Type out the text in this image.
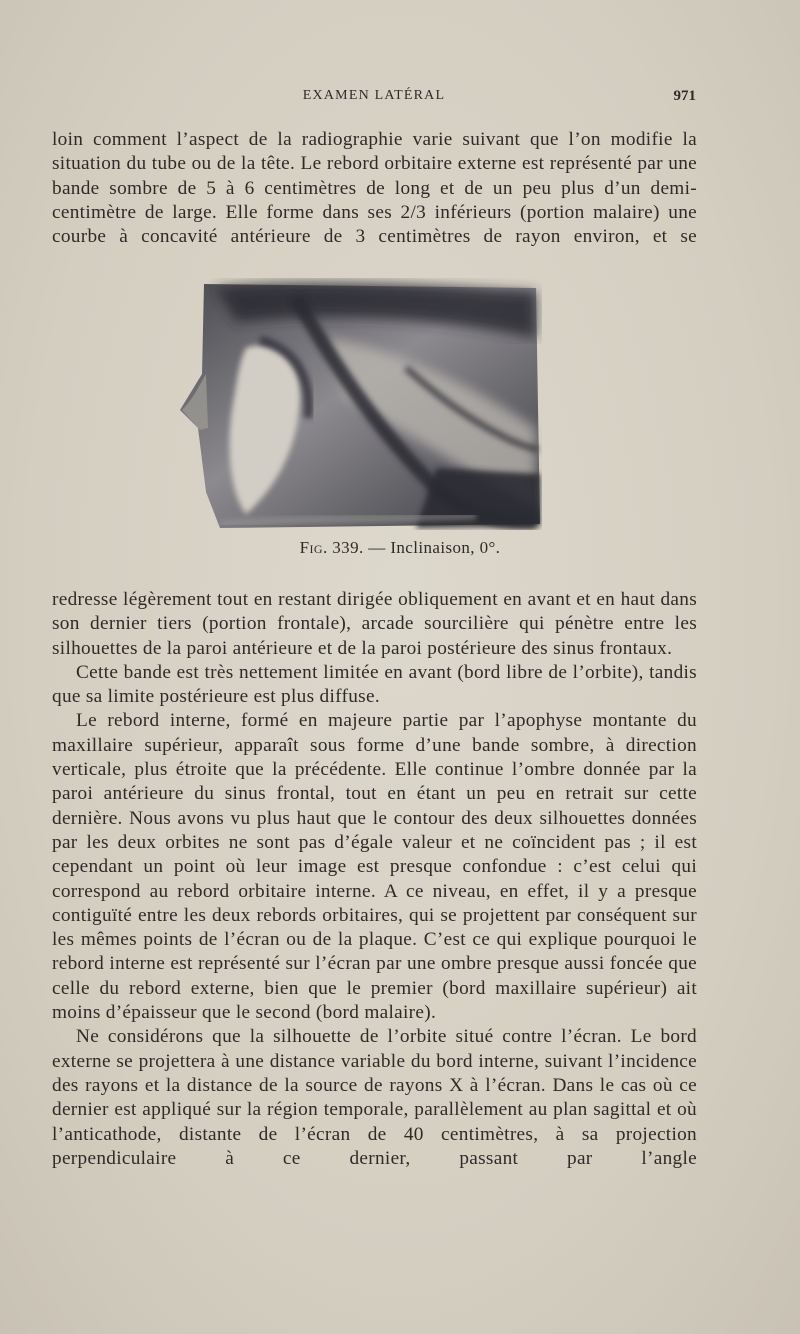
EXAMEN LATÉRAL	971

loin comment l’aspect de la radiographie varie suivant que l’on modifie la situation du tube ou de la tête. Le rebord orbitaire externe est représenté par une bande sombre de 5 à 6 centimètres de long et de un peu plus d’un demi-centimètre de large. Elle forme dans ses 2/3 inférieurs (portion malaire) une courbe à concavité antérieure de 3 centimètres de rayon environ, et se

Fig. 339. — Inclinaison, 0°.

redresse légèrement tout en restant dirigée obliquement en avant et en haut dans son dernier tiers (portion frontale), arcade sourcilière qui pénètre entre les silhouettes de la paroi antérieure et de la paroi postérieure des sinus frontaux.

Cette bande est très nettement limitée en avant (bord libre de l’orbite), tandis que sa limite postérieure est plus diffuse.

Le rebord interne, formé en majeure partie par l’apophyse montante du maxillaire supérieur, apparaît sous forme d’une bande sombre, à direction verticale, plus étroite que la précédente. Elle continue l’ombre donnée par la paroi antérieure du sinus frontal, tout en étant un peu en retrait sur cette dernière. Nous avons vu plus haut que le contour des deux silhouettes données par les deux orbites ne sont pas d’égale valeur et ne coïncident pas ; il est cependant un point où leur image est presque confondue : c’est celui qui correspond au rebord orbitaire interne. A ce niveau, en effet, il y a presque contiguïté entre les deux rebords orbitaires, qui se projettent par conséquent sur les mêmes points de l’écran ou de la plaque. C’est ce qui explique pourquoi le rebord interne est représenté sur l’écran par une ombre presque aussi foncée que celle du rebord externe, bien que le premier (bord maxillaire supérieur) ait moins d’épaisseur que le second (bord malaire).

Ne considérons que la silhouette de l’orbite situé contre l’écran. Le bord externe se projettera à une distance variable du bord interne, suivant l’incidence des rayons et la distance de la source de rayons X à l’écran. Dans le cas où ce dernier est appliqué sur la région temporale, parallèlement au plan sagittal et où l’anticathode, distante de l’écran de 40 centimètres, à sa projection perpendiculaire à ce dernier, passant par l’angle
